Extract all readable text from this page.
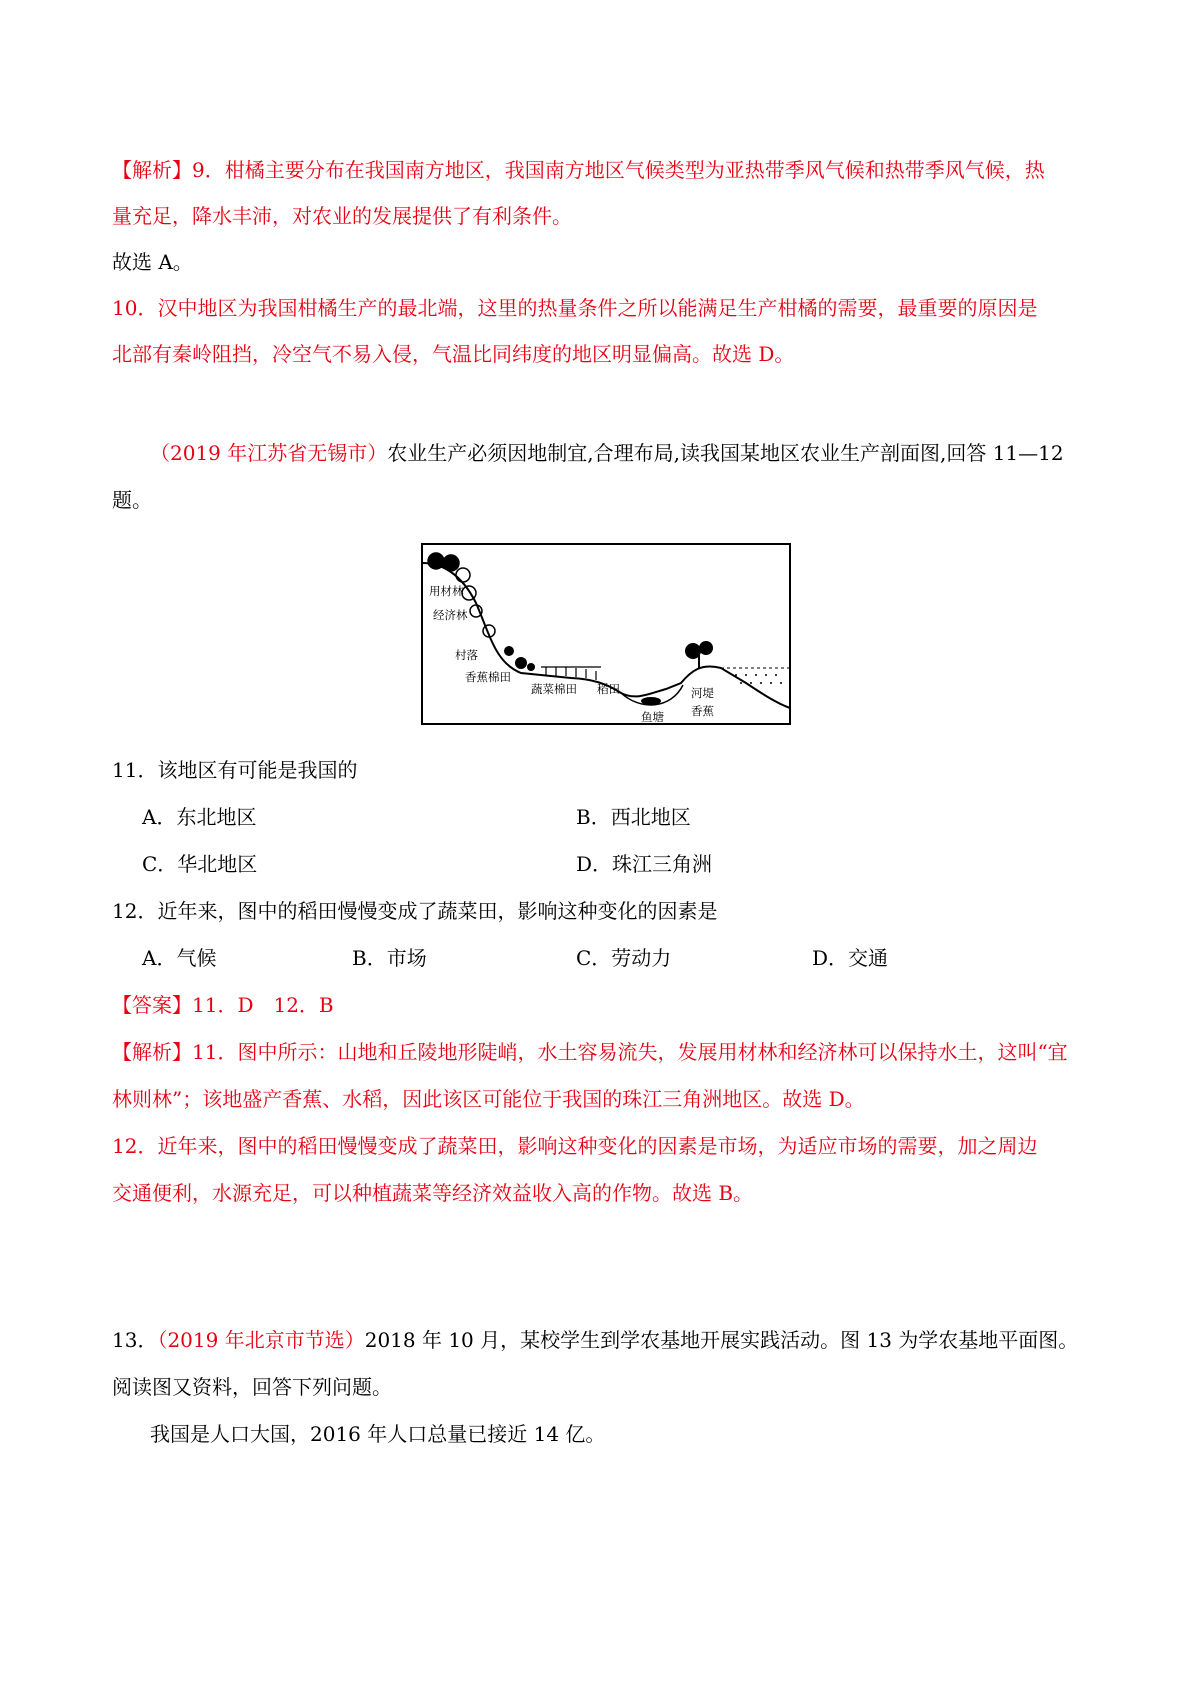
【解析】9．柑橘主要分布在我国南方地区，我国南方地区气候类型为亚热带季风气候和热带季风气候，热
量充足，降水丰沛，对农业的发展提供了有利条件。
故选 A。
10．汉中地区为我国柑橘生产的最北端，这里的热量条件之所以能满足生产柑橘的需要，最重要的原因是
北部有秦岭阻挡，冷空气不易入侵，气温比同纬度的地区明显偏高。故选 D。
（2019 年江苏省无锡市）农业生产必须因地制宜,合理布局,读我国某地区农业生产剖面图,回答 11—12
题。
用材林
经济林
村落
香蕉棉田
蔬菜棉田 稻田
鱼塘
河堤
香蕉
11．该地区有可能是我国的
A．东北地区	B．西北地区
C．华北地区	D．珠江三角洲
12．近年来，图中的稻田慢慢变成了蔬菜田，影响这种变化的因素是
A．气候	B．市场	C．劳动力	D．交通
【答案】11．D　12．B
【解析】11．图中所示：山地和丘陵地形陡峭，水土容易流失，发展用材林和经济林可以保持水土，这叫“宜
林则林”；该地盛产香蕉、水稻，因此该区可能位于我国的珠江三角洲地区。故选 D。
12．近年来，图中的稻田慢慢变成了蔬菜田，影响这种变化的因素是市场，为适应市场的需要，加之周边
交通便利，水源充足，可以种植蔬菜等经济效益收入高的作物。故选 B。
13．（2019 年北京市节选）2018 年 10 月，某校学生到学农基地开展实践活动。图 13 为学农基地平面图。
阅读图又资料，回答下列问题。
我国是人口大国，2016 年人口总量已接近 14 亿。
